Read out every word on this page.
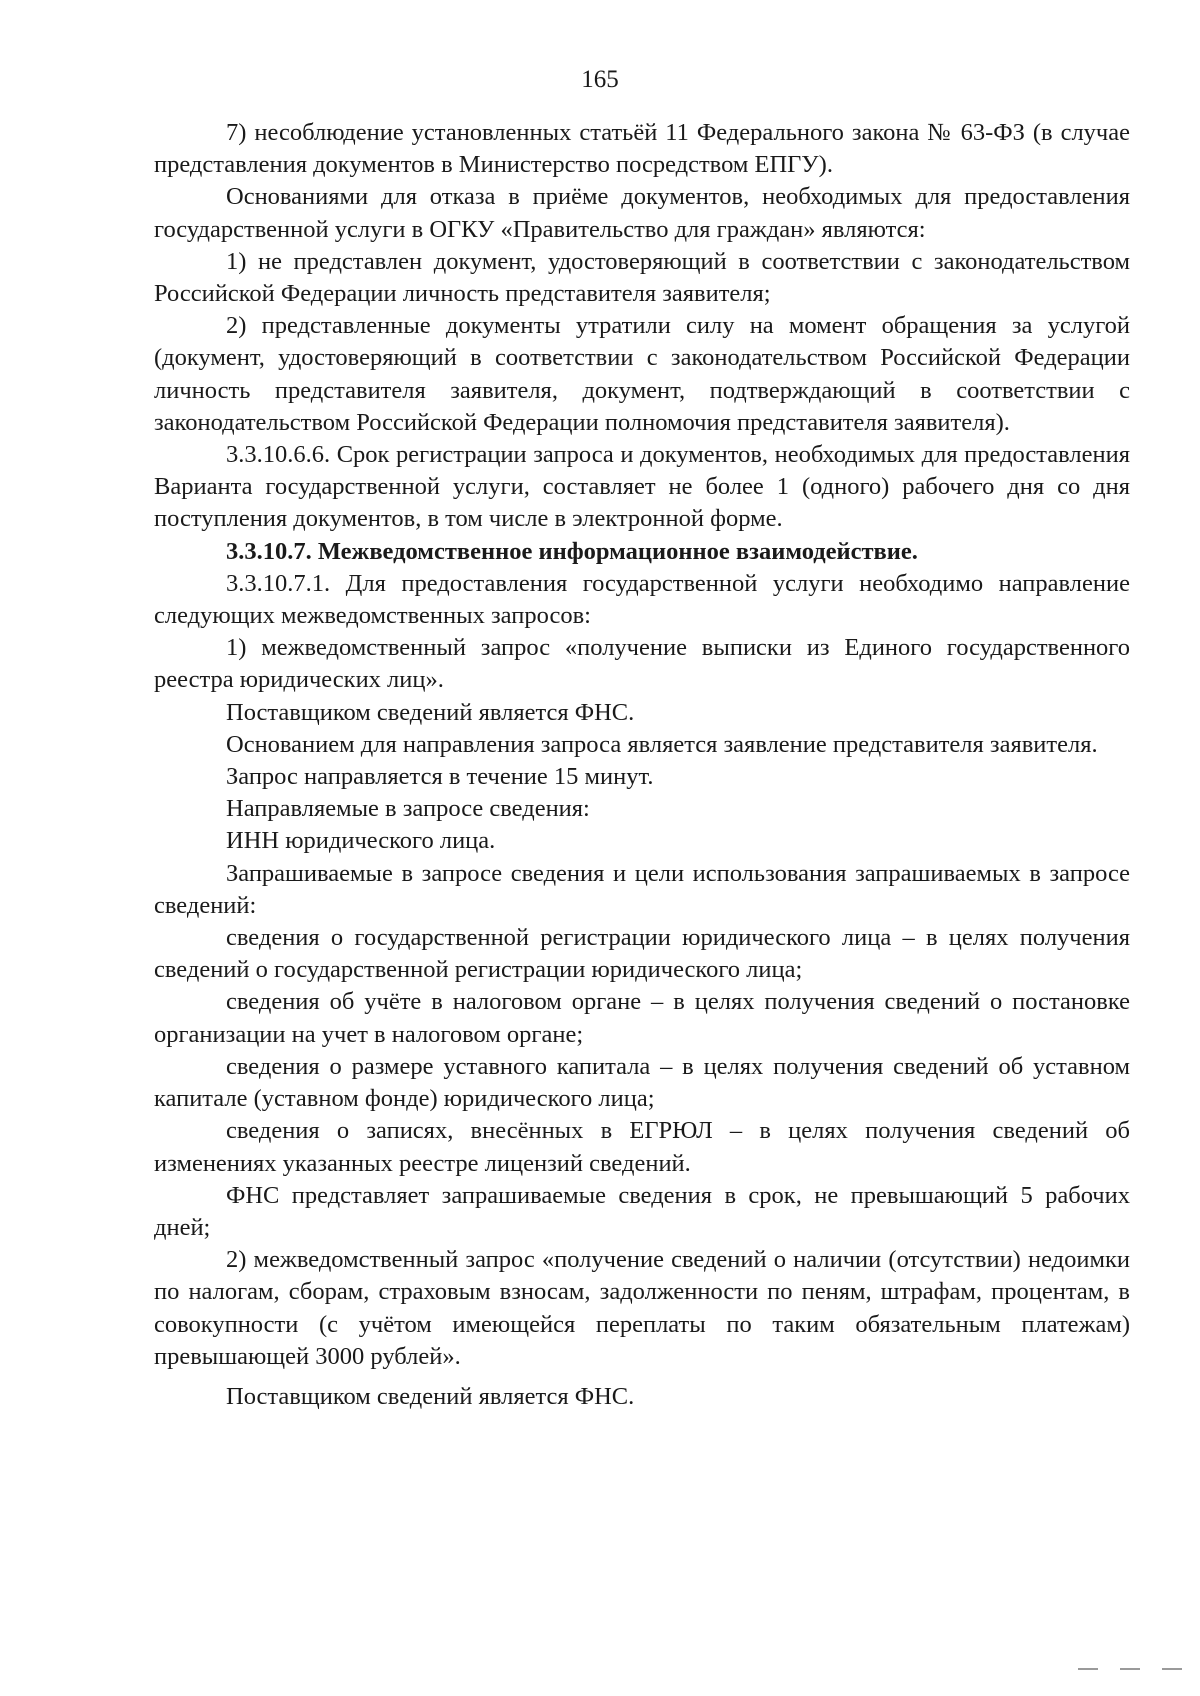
165

7) несоблюдение установленных статьёй 11 Федерального закона № 63-ФЗ (в случае представления документов в Министерство посредством ЕПГУ).

Основаниями для отказа в приёме документов, необходимых для предоставления государственной услуги в ОГКУ «Правительство для граждан» являются:

1) не представлен документ, удостоверяющий в соответствии с законодательством Российской Федерации личность представителя заявителя;

2) представленные документы утратили силу на момент обращения за услугой (документ, удостоверяющий в соответствии с законодательством Российской Федерации личность представителя заявителя, документ, подтверждающий в соответствии с законодательством Российской Федерации полномочия представителя заявителя).

3.3.10.6.6. Срок регистрации запроса и документов, необходимых для предоставления Варианта государственной услуги, составляет не более 1 (одного) рабочего дня со дня поступления документов, в том числе в электронной форме.

3.3.10.7. Межведомственное информационное взаимодействие.

3.3.10.7.1. Для предоставления государственной услуги необходимо направление следующих межведомственных запросов:

1) межведомственный запрос «получение выписки из Единого государственного реестра юридических лиц».

Поставщиком сведений является ФНС.

Основанием для направления запроса является заявление представителя заявителя.

Запрос направляется в течение 15 минут.

Направляемые в запросе сведения:

ИНН юридического лица.

Запрашиваемые в запросе сведения и цели использования запрашиваемых в запросе сведений:

сведения о государственной регистрации юридического лица – в целях получения сведений о государственной регистрации юридического лица;

сведения об учёте в налоговом органе – в целях получения сведений о постановке организации на учет в налоговом органе;

сведения о размере уставного капитала – в целях получения сведений об уставном капитале (уставном фонде) юридического лица;

сведения о записях, внесённых в ЕГРЮЛ – в целях получения сведений об изменениях указанных реестре лицензий сведений.

ФНС представляет запрашиваемые сведения в срок, не превышающий 5 рабочих дней;

2) межведомственный запрос «получение сведений о наличии (отсутствии) недоимки по налогам, сборам, страховым взносам, задолженности по пеням, штрафам, процентам, в совокупности (с учётом имеющейся переплаты по таким обязательным платежам) превышающей 3000 рублей».

Поставщиком сведений является ФНС.
